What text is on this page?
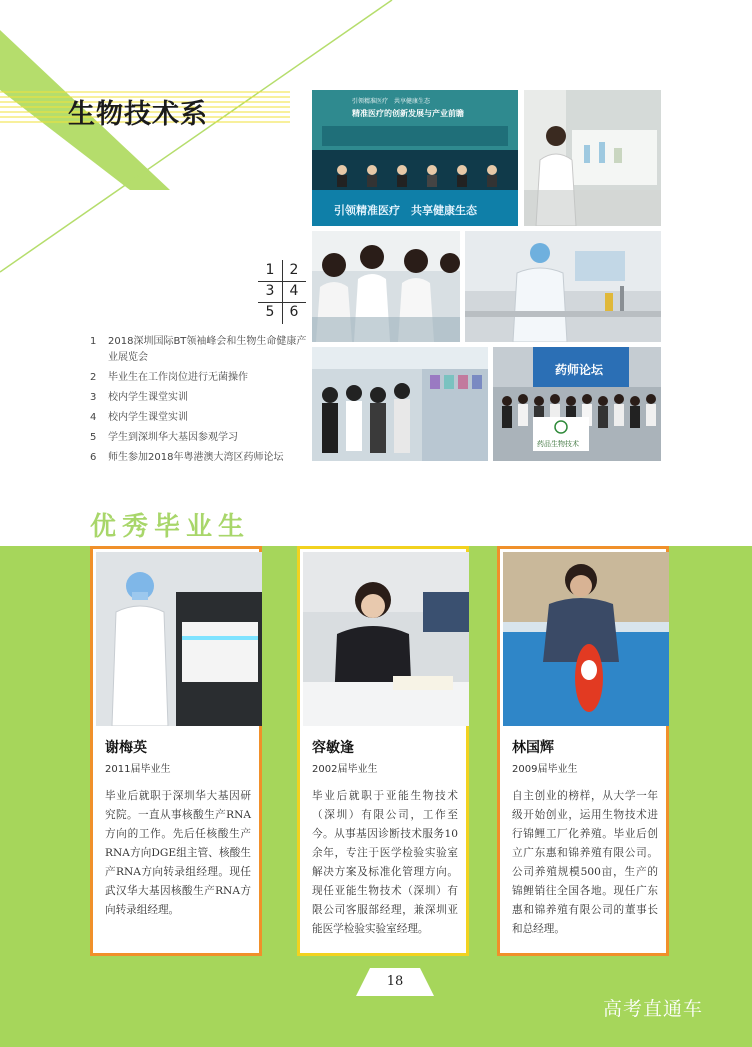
生物技术系	引领精准医疗　共享健康生态
精准医疗的创新发展与产业前瞻
引领精准医疗　共享健康生态
药师论坛
药品生物技术
1	2
3	4
5	6
1 2018深圳国际BT领袖峰会和生物生命健康产业展览会
2 毕业生在工作岗位进行无菌操作
3 校内学生课堂实训
4 校内学生课堂实训
5 学生到深圳华大基因参观学习
6 师生参加2018年粤港澳大湾区药师论坛
优秀毕业生
谢梅英
2011届毕业生
毕业后就职于深圳华大基因研究院。一直从事核酸生产RNA方向的工作。先后任核酸生产RNA方向DGE组主管、核酸生产RNA方向转录组经理。现任武汉华大基因核酸生产RNA方向转录组经理。
容敏逢
2002届毕业生
毕业后就职于亚能生物技术（深圳）有限公司，工作至今。从事基因诊断技术服务10余年，专注于医学检验实验室解决方案及标准化管理方向。现任亚能生物技术（深圳）有限公司客服部经理，兼深圳亚能医学检验实验室经理。
林国辉
2009届毕业生
自主创业的榜样，从大学一年级开始创业，运用生物技术进行锦鲤工厂化养殖。毕业后创立广东惠和锦养殖有限公司。公司养殖规模500亩，生产的锦鲤销往全国各地。现任广东惠和锦养殖有限公司的董事长和总经理。
18
高考直通车
